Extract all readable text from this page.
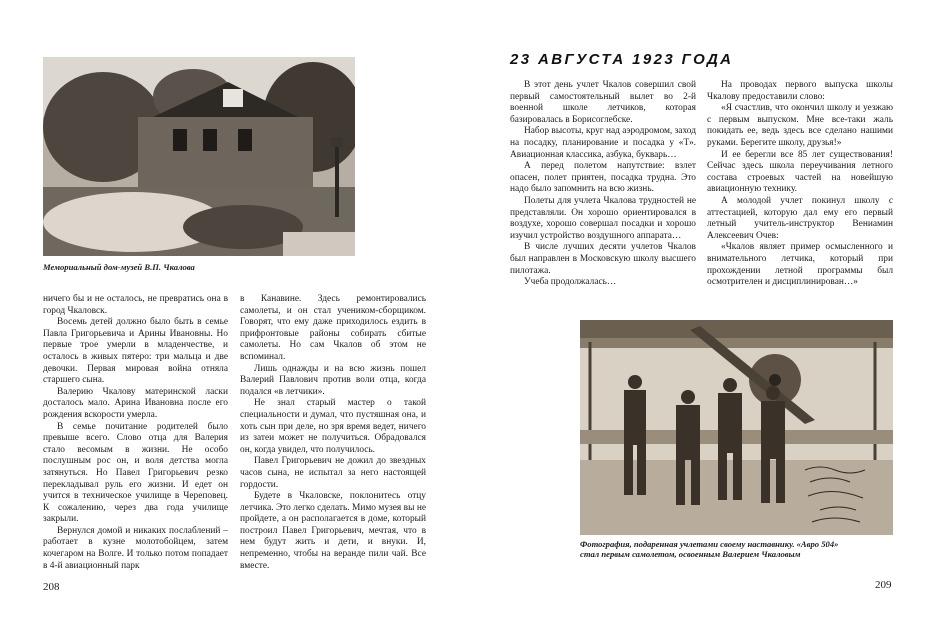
Мемориальный дом-музей В.П. Чкалова

ничего бы и не осталось, не превратись она в город Чкаловск.

Восемь детей должно было быть в семье Павла Григорьевича и Арины Ивановны. Но первые трое умерли в младенчестве, и осталось в живых пятеро: три мальца и две девочки. Первая мировая война отняла старшего сына.

Валерию Чкалову материнской ласки досталось мало. Арина Ивановна после его рождения вскорости умерла.

В семье почитание родителей было превыше всего. Слово отца для Валерия стало весомым в жизни. Не особо послушным рос он, и воля детства могла затянуться. Но Павел Григорьевич резко перекладывал руль его жизни. И едет он учится в техническое училище в Череповец. К сожалению, через два года училище закрыли.

Вернулся домой и никаких послаблений – работает в кузне молотобойцем, затем кочегаром на Волге. И только потом попадает в 4-й авиационный парк

в Канавине. Здесь ремонтировались самолеты, и он стал учеником-сборщиком. Говорят, что ему даже приходилось ездить в прифронтовые районы собирать сбитые самолеты. Но сам Чкалов об этом не вспоминал.

Лишь однажды и на всю жизнь пошел Валерий Павлович против воли отца, когда подался «в летчики».

Не знал старый мастер о такой специальности и думал, что пустяшная она, и хоть сын при деле, но зря время ведет, ничего из затеи может не получиться. Обрадовался он, когда увидел, что получилось.

Павел Григорьевич не дожил до звездных часов сына, не испытал за него настоящей гордости.

Будете в Чкаловске, поклонитесь отцу летчика. Это легко сделать. Мимо музея вы не пройдете, а он располагается в доме, который построил Павел Григорьевич, мечтая, что в нем будут жить и дети, и внуки. И, непременно, чтобы на веранде пили чай. Все вместе.

208
23 АВГУСТА 1923 ГОДА

В этот день учлет Чкалов совершил свой первый самостоятельный вылет во 2-й военной школе летчиков, которая базировалась в Борисоглебске.

Набор высоты, круг над аэродромом, заход на посадку, планирование и посадка у «Т». Авиационная классика, азбука, букварь…

А перед полетом напутствие: взлет опасен, полет приятен, посадка трудна. Это надо было запомнить на всю жизнь.

Полеты для учлета Чкалова трудностей не представляли. Он хорошо ориентировался в воздухе, хорошо совершал посадки и хорошо изучил устройство воздушного аппарата…

В числе лучших десяти учлетов Чкалов был направлен в Московскую школу высшего пилотажа.

Учеба продолжалась…

На проводах первого выпуска школы Чкалову предоставили слово:

«Я счастлив, что окончил школу и уезжаю с первым выпуском. Мне все-таки жаль покидать ее, ведь здесь все сделано нашими руками. Берегите школу, друзья!»

И ее берегли все 85 лет существования! Сейчас здесь школа переучивания летного состава строевых частей на новейшую авиационную технику.

А молодой учлет покинул школу с аттестацией, которую дал ему его первый летный учитель-инструктор Вениамин Алексеевич Очев:

«Чкалов являет пример осмысленного и внимательного летчика, который при прохождении летной программы был осмотрителен и дисциплинирован…»

Фотография, подаренная учлетами своему наставнику. «Авро 504» стал первым самолетом, освоенным Валерием Чкаловым
209
